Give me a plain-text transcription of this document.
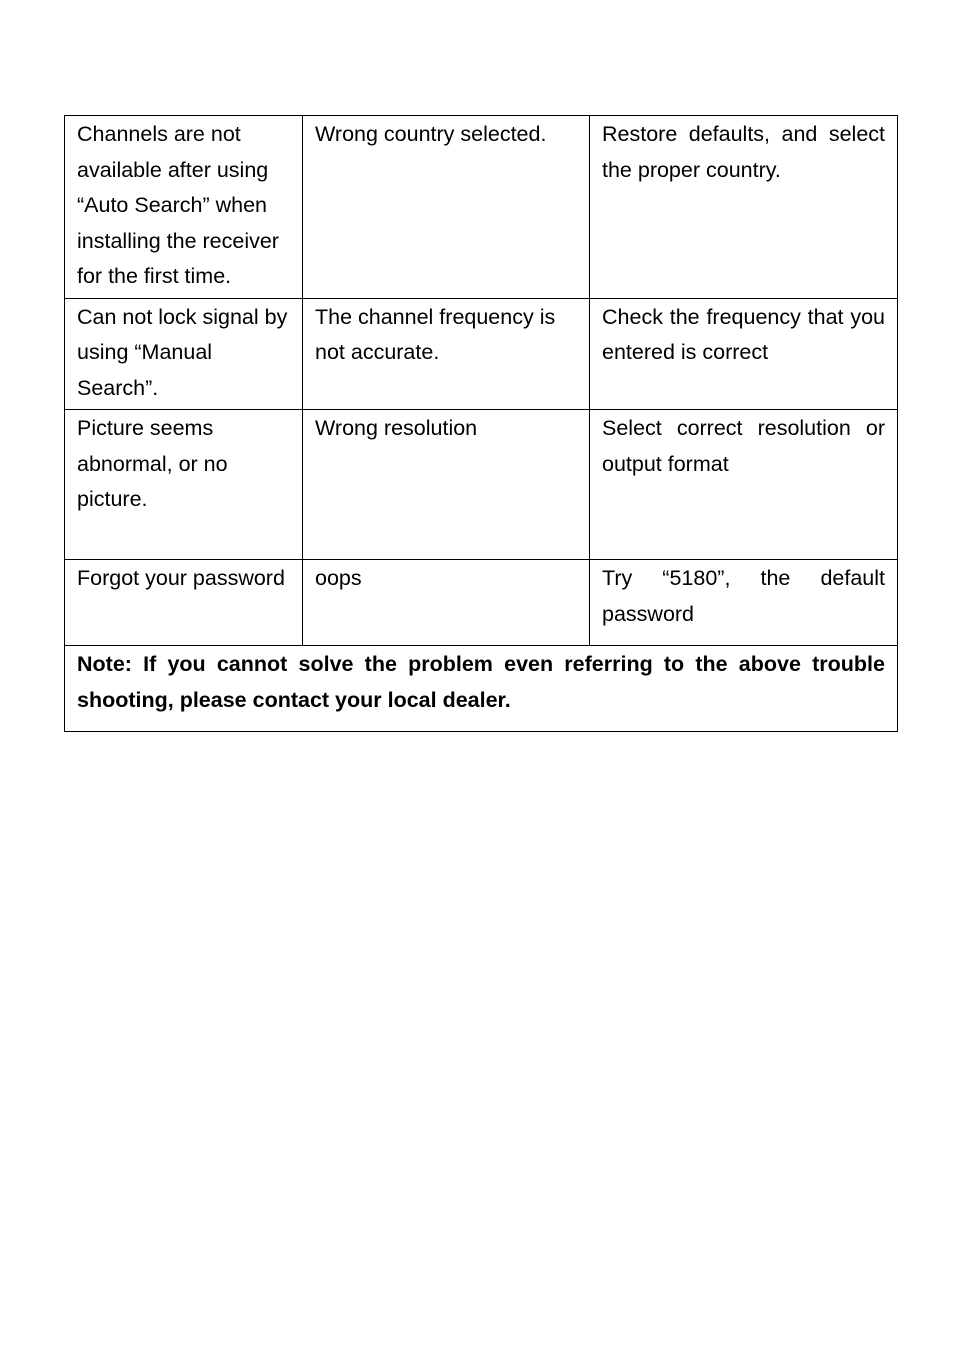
Channels are not available after using “Auto Search” when installing the receiver for the first time.	Wrong country selected.	Restore defaults, and select the proper country.
Can not lock signal by using “Manual Search”.	The channel frequency is not accurate.	Check the frequency that you entered is correct
Picture seems abnormal, or no picture.	Wrong resolution	Select correct resolution or output format
Forgot your password	oops	Try “5180”, the default password
Note: If you cannot solve the problem even referring to the above trouble shooting, please contact your local dealer.		
